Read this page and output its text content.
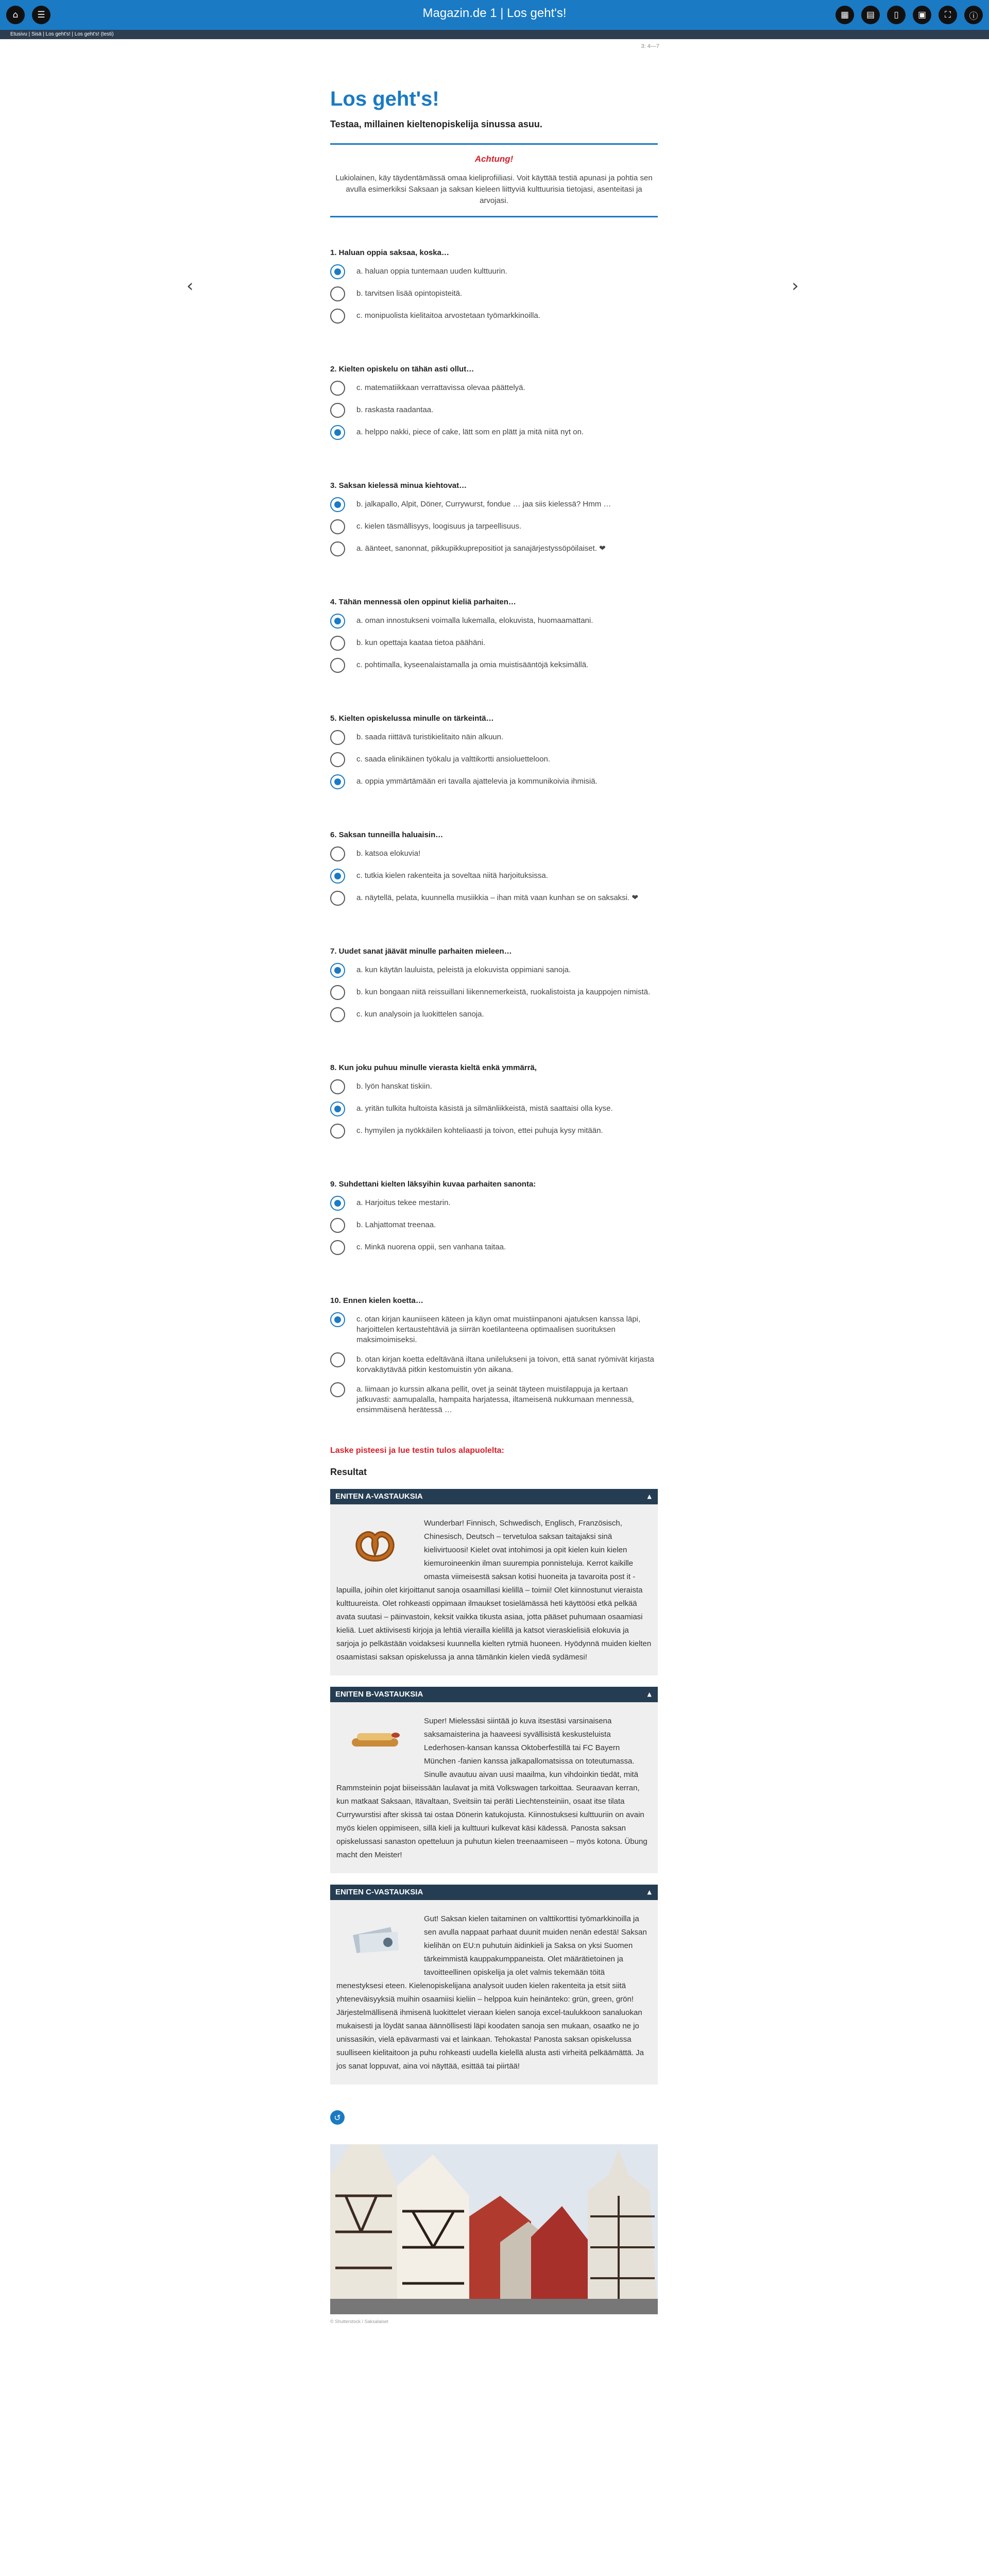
⌂	☰	Magazin.de 1 | Los geht's!	▦	▤	▯	▣	⛶	ⓘ
Etusivu | Sisä | Los geht's! | Los geht's! (testi)
3: 4—7
‹	›
Los geht's!
Testaa, millainen kieltenopiskelija sinussa asuu.
Achtung!
Lukiolainen, käy täydentämässä omaa kieliprofiiliasi. Voit käyttää testiä apunasi ja pohtia sen avulla esimerkiksi Saksaan ja saksan kieleen liittyviä kulttuurisia tietojasi, asenteitasi ja arvojasi.
1. Haluan oppia saksaa, koska…
a. haluan oppia tuntemaan uuden kulttuurin.
b. tarvitsen lisää opintopisteitä.
c. monipuolista kielitaitoa arvostetaan työmarkkinoilla.
2. Kielten opiskelu on tähän asti ollut…
c. matematiikkaan verrattavissa olevaa päättelyä.
b. raskasta raadantaa.
a. helppo nakki, piece of cake, lätt som en plätt ja mitä niitä nyt on.
3. Saksan kielessä minua kiehtovat…
b. jalkapallo, Alpit, Döner, Currywurst, fondue … jaa siis kielessä? Hmm …
c. kielen täsmällisyys, loogisuus ja tarpeellisuus.
a. äänteet, sanonnat, pikkupikkuprepositiot ja sanajärjestyssöpöilaiset. ❤
4. Tähän mennessä olen oppinut kieliä parhaiten…
a. oman innostukseni voimalla lukemalla, elokuvista, huomaamattani.
b. kun opettaja kaataa tietoa päähäni.
c. pohtimalla, kyseenalaistamalla ja omia muistisääntöjä keksimällä.
5. Kielten opiskelussa minulle on tärkeintä…
b. saada riittävä turistikielitaito näin alkuun.
c. saada elinikäinen työkalu ja valttikortti ansioluetteloon.
a. oppia ymmärtämään eri tavalla ajattelevia ja kommunikoivia ihmisiä.
6. Saksan tunneilla haluaisin…
b. katsoa elokuvia!
c. tutkia kielen rakenteita ja soveltaa niitä harjoituksissa.
a. näytellä, pelata, kuunnella musiikkia – ihan mitä vaan kunhan se on saksaksi. ❤
7. Uudet sanat jäävät minulle parhaiten mieleen…
a. kun käytän lauluista, peleistä ja elokuvista oppimiani sanoja.
b. kun bongaan niitä reissuillani liikennemerkeistä, ruokalistoista ja kauppojen nimistä.
c. kun analysoin ja luokittelen sanoja.
8. Kun joku puhuu minulle vierasta kieltä enkä ymmärrä,
b. lyön hanskat tiskiin.
a. yritän tulkita hultoista käsistä ja silmänliikkeistä, mistä saattaisi olla kyse.
c. hymyilen ja nyökkäilen kohteliaasti ja toivon, ettei puhuja kysy mitään.
9. Suhdettani kielten läksyihin kuvaa parhaiten sanonta:
a. Harjoitus tekee mestarin.
b. Lahjattomat treenaa.
c. Minkä nuorena oppii, sen vanhana taitaa.
10. Ennen kielen koetta…
c. otan kirjan kauniiseen käteen ja käyn omat muistiinpanoni ajatuksen kanssa läpi, harjoittelen kertaustehtäviä ja siirrän koetilanteena optimaalisen suorituksen maksimoimiseksi.
b. otan kirjan koetta edeltävänä iltana unilelukseni ja toivon, että sanat ryömivät kirjasta korvakäytävää pitkin kestomuistin yön aikana.
a. liimaan jo kurssin alkana pellit, ovet ja seinät täyteen muistilappuja ja kertaan jatkuvasti: aamupalalla, hampaita harjatessa, iltameisenä nukkumaan mennessä, ensimmäisenä herätessä …
Laske pisteesi ja lue testin tulos alapuolelta:
Resultat
ENITEN A-VASTAUKSIA	▲
Wunderbar! Finnisch, Schwedisch, Englisch, Französisch, Chinesisch, Deutsch – tervetuloa saksan taitajaksi sinä kielivirtuoosi! Kielet ovat intohimosi ja opit kielen kuin kielen kiemuroineenkin ilman suurempia ponnisteluja. Kerrot kaikille omasta viimeisestä saksan kotisi huoneita ja tavaroita post it -lapuilla, joihin olet kirjoittanut sanoja osaamillasi kielillä – toimii! Olet kiinnostunut vieraista kulttuureista. Olet rohkeasti oppimaan ilmaukset tosielämässä heti käyttöösi etkä pelkää avata suutasi – päinvastoin, keksit vaikka tikusta asiaa, jotta pääset puhumaan osaamiasi kieliä. Luet aktiivisesti kirjoja ja lehtiä vierailla kielillä ja katsot vieraskielisiä elokuvia ja sarjoja jo pelkästään voidaksesi kuunnella kielten rytmiä huoneen. Hyödynnä muiden kielten osaamistasi saksan opiskelussa ja anna tämänkin kielen viedä sydämesi!
ENITEN B-VASTAUKSIA	▲
Super! Mielessäsi siintää jo kuva itsestäsi varsinaisena saksamaisterina ja haaveesi syvällisistä keskusteluista Lederhosen-kansan kanssa Oktoberfestillä tai FC Bayern München -fanien kanssa jalkapallomatsissa on toteutumassa. Sinulle avautuu aivan uusi maailma, kun vihdoinkin tiedät, mitä Rammsteinin pojat biiseissään laulavat ja mitä Volkswagen tarkoittaa. Seuraavan kerran, kun matkaat Saksaan, Itävaltaan, Sveitsiin tai peräti Liechtensteiniin, osaat itse tilata Currywurstisi after skissä tai ostaa Dönerin katukojusta. Kiinnostuksesi kulttuuriin on avain myös kielen oppimiseen, sillä kieli ja kulttuuri kulkevat käsi kädessä. Panosta saksan opiskelussasi sanaston opetteluun ja puhutun kielen treenaamiseen – myös kotona. Übung macht den Meister!
ENITEN C-VASTAUKSIA	▲
Gut! Saksan kielen taitaminen on valttikorttisi työmarkkinoilla ja sen avulla nappaat parhaat duunit muiden nenän edestä! Saksan kielihän on EU:n puhutuin äidinkieli ja Saksa on yksi Suomen tärkeimmistä kauppakumppaneista. Olet määrätietoinen ja tavoitteellinen opiskelija ja olet valmis tekemään töitä menestyksesi eteen. Kielenopiskelijana analysoit uuden kielen rakenteita ja etsit siitä yhteneväisyyksiä muihin osaamiisi kieliin – helppoa kuin heinänteko: grün, green, grön! Järjestelmällisenä ihmisenä luokittelet vieraan kielen sanoja excel-taulukkoon sanaluokan mukaisesti ja löydät sanaa äännöllisesti läpi koodaten sanoja sen mukaan, osaatko ne jo unissasikin, vielä epävarmasti vai et lainkaan. Tehokasta! Panosta saksan opiskelussa suulliseen kielitaitoon ja puhu rohkeasti uudella kielellä alusta asti virheitä pelkäämättä. Ja jos sanat loppuvat, aina voi näyttää, esittää tai piirtää!
↺
© Shutterstock / Saksalaiset
